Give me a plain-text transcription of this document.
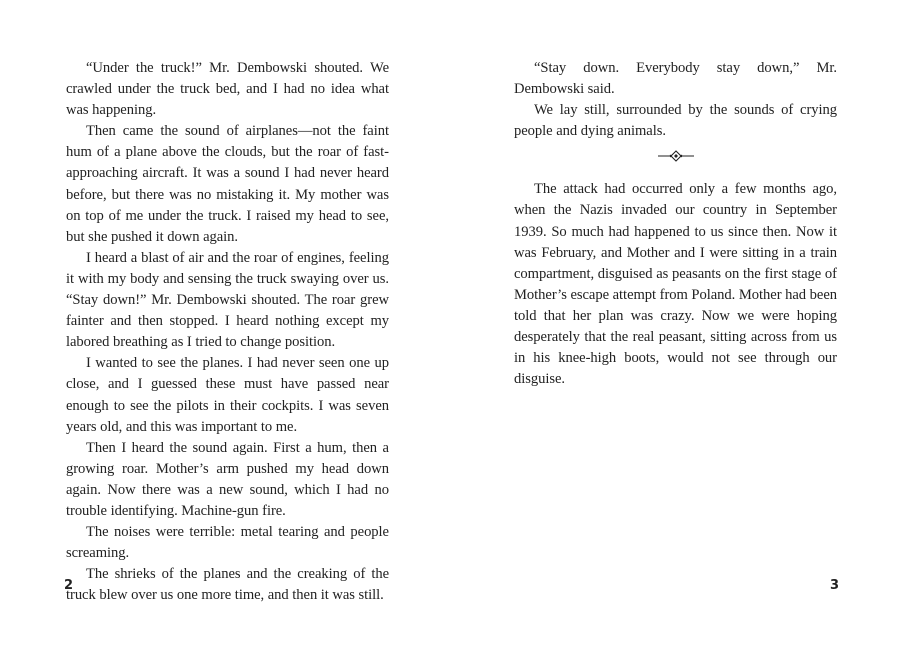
“Under the truck!” Mr. Dembowski shouted. We crawled under the truck bed, and I had no idea what was happening.

Then came the sound of airplanes—not the faint hum of a plane above the clouds, but the roar of fast-approaching aircraft. It was a sound I had never heard before, but there was no mistaking it. My mother was on top of me under the truck. I raised my head to see, but she pushed it down again.

I heard a blast of air and the roar of engines, feeling it with my body and sensing the truck swaying over us. “Stay down!” Mr. Dembowski shouted. The roar grew fainter and then stopped. I heard nothing except my labored breathing as I tried to change position.

I wanted to see the planes. I had never seen one up close, and I guessed these must have passed near enough to see the pilots in their cockpits. I was seven years old, and this was important to me.

Then I heard the sound again. First a hum, then a growing roar. Mother’s arm pushed my head down again. Now there was a new sound, which I had no trouble identifying. Machine-gun fire.

The noises were terrible: metal tearing and people screaming.

The shrieks of the planes and the creaking of the truck blew over us one more time, and then it was still.

2

“Stay down. Everybody stay down,” Mr. Dembowski said.

We lay still, surrounded by the sounds of crying people and dying animals.

The attack had occurred only a few months ago, when the Nazis invaded our country in September 1939. So much had happened to us since then. Now it was February, and Mother and I were sitting in a train compartment, disguised as peasants on the first stage of Mother’s escape attempt from Poland. Mother had been told that her plan was crazy. Now we were hoping desperately that the real peasant, sitting across from us in his knee-high boots, would not see through our disguise.

3
